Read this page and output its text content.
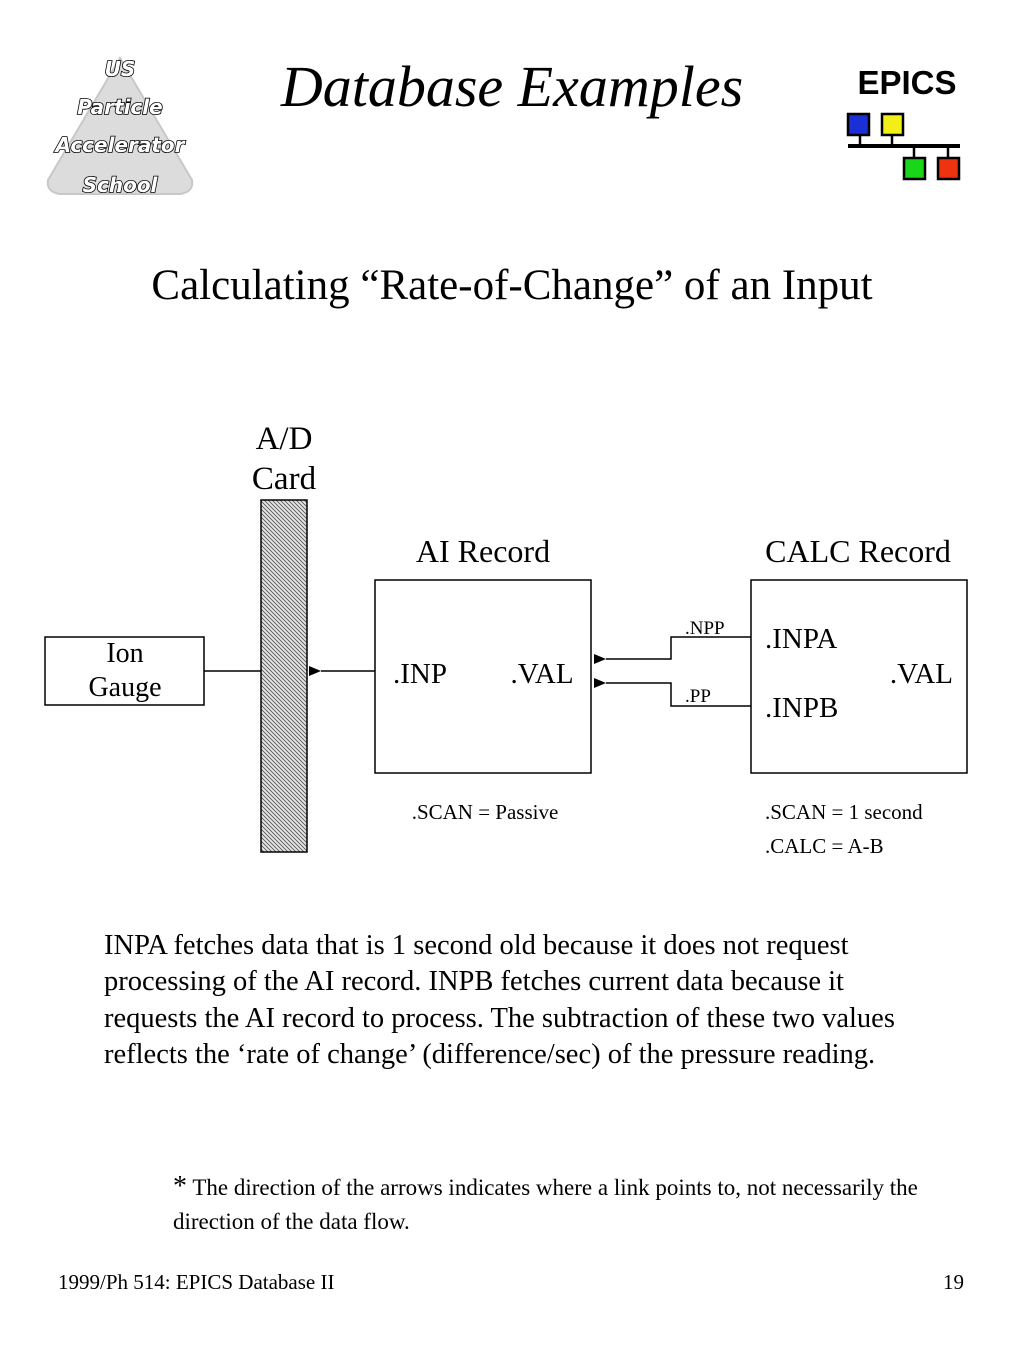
US
Particle
Accelerator
School
Database Examples	EPICS
Calculating “Rate-of-Change” of an Input
A/D
Card
Ion
Gauge
AI Record
.INP .VAL
.SCAN = Passive
CALC Record
.INPA
.VAL
.INPB
.SCAN = 1 second
.CALC = A-B
.NPP
.PP
INPA fetches data that is 1 second old because it does not request processing of the AI record. INPB fetches current data because it requests the AI record to process. The subtraction of these two values reflects the ‘rate of change’ (difference/sec) of the pressure reading.
* The direction of the arrows indicates where a link points to, not necessarily the direction of the data flow.
1999/Ph 514: EPICS Database II	19
